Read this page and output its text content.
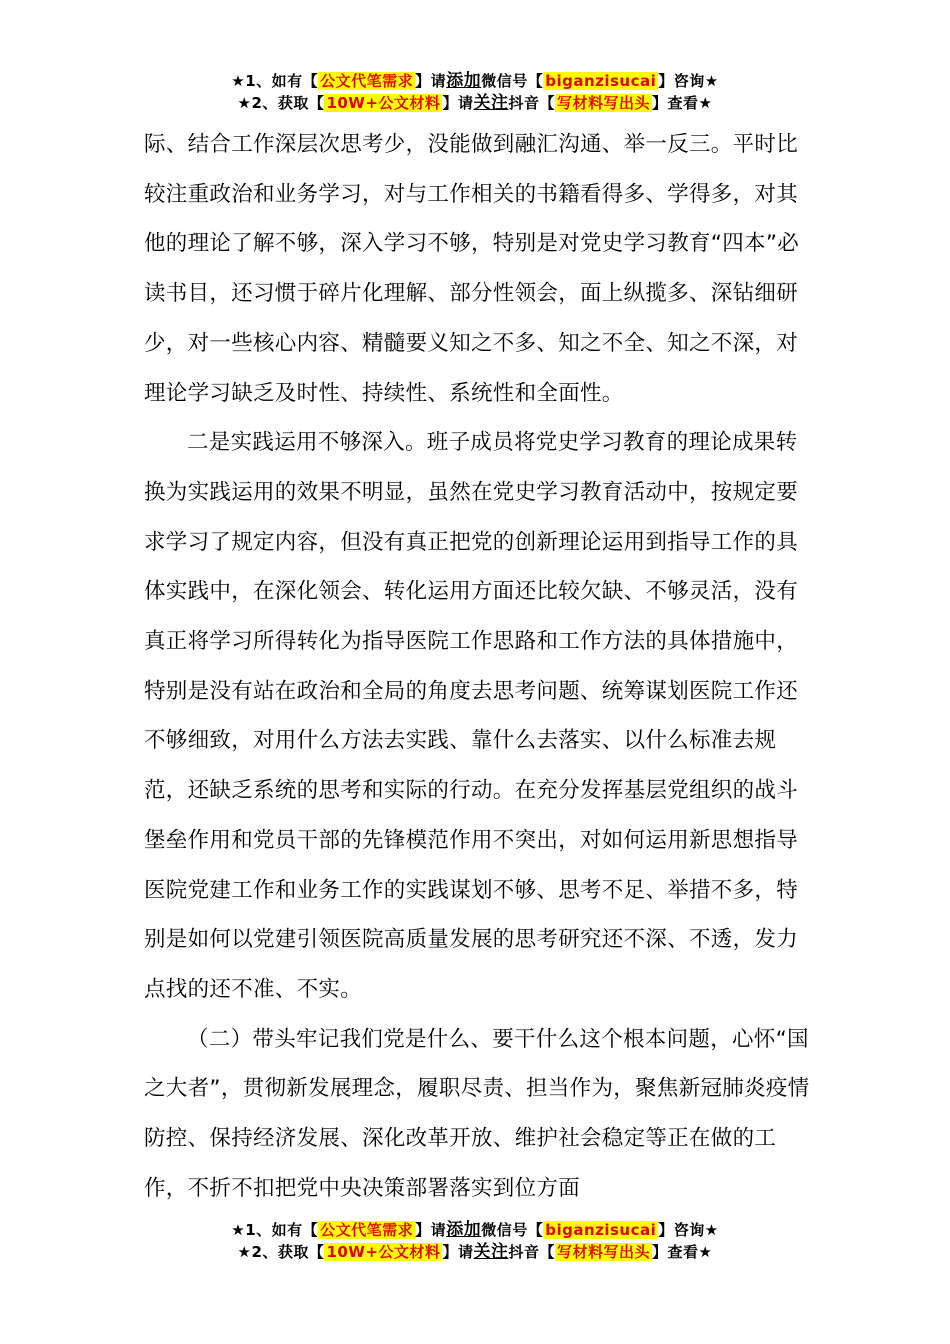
★1、如有【 公文代笔需求 】请添加微信号【 biganzisucai 】咨询★
★2、获取【 10W+公文材料 】请关注抖音【 写材料写出头 】查看★

际、结合工作深层次思考少，没能做到融汇沟通、举一反三。平时比较注重政治和业务学习，对与工作相关的书籍看得多、学得多，对其他的理论了解不够，深入学习不够，特别是对党史学习教育“四本”必读书目，还习惯于碎片化理解、部分性领会，面上纵揽多、深钻细研少，对一些核心内容、精髓要义知之不多、知之不全、知之不深，对理论学习缺乏及时性、持续性、系统性和全面性。

二是实践运用不够深入。班子成员将党史学习教育的理论成果转换为实践运用的效果不明显，虽然在党史学习教育活动中，按规定要求学习了规定内容，但没有真正把党的创新理论运用到指导工作的具体实践中，在深化领会、转化运用方面还比较欠缺、不够灵活，没有真正将学习所得转化为指导医院工作思路和工作方法的具体措施中，特别是没有站在政治和全局的角度去思考问题、统筹谋划医院工作还不够细致，对用什么方法去实践、靠什么去落实、以什么标准去规范，还缺乏系统的思考和实际的行动。在充分发挥基层党组织的战斗堡垒作用和党员干部的先锋模范作用不突出，对如何运用新思想指导医院党建工作和业务工作的实践谋划不够、思考不足、举措不多，特别是如何以党建引领医院高质量发展的思考研究还不深、不透，发力点找的还不准、不实。

（二）带头牢记我们党是什么、要干什么这个根本问题，心怀“国之大者”，贯彻新发展理念，履职尽责、担当作为，聚焦新冠肺炎疫情防控、保持经济发展、深化改革开放、维护社会稳定等正在做的工作，不折不扣把党中央决策部署落实到位方面

★1、如有【 公文代笔需求 】请添加微信号【 biganzisucai 】咨询★
★2、获取【 10W+公文材料 】请关注抖音【 写材料写出头 】查看★
